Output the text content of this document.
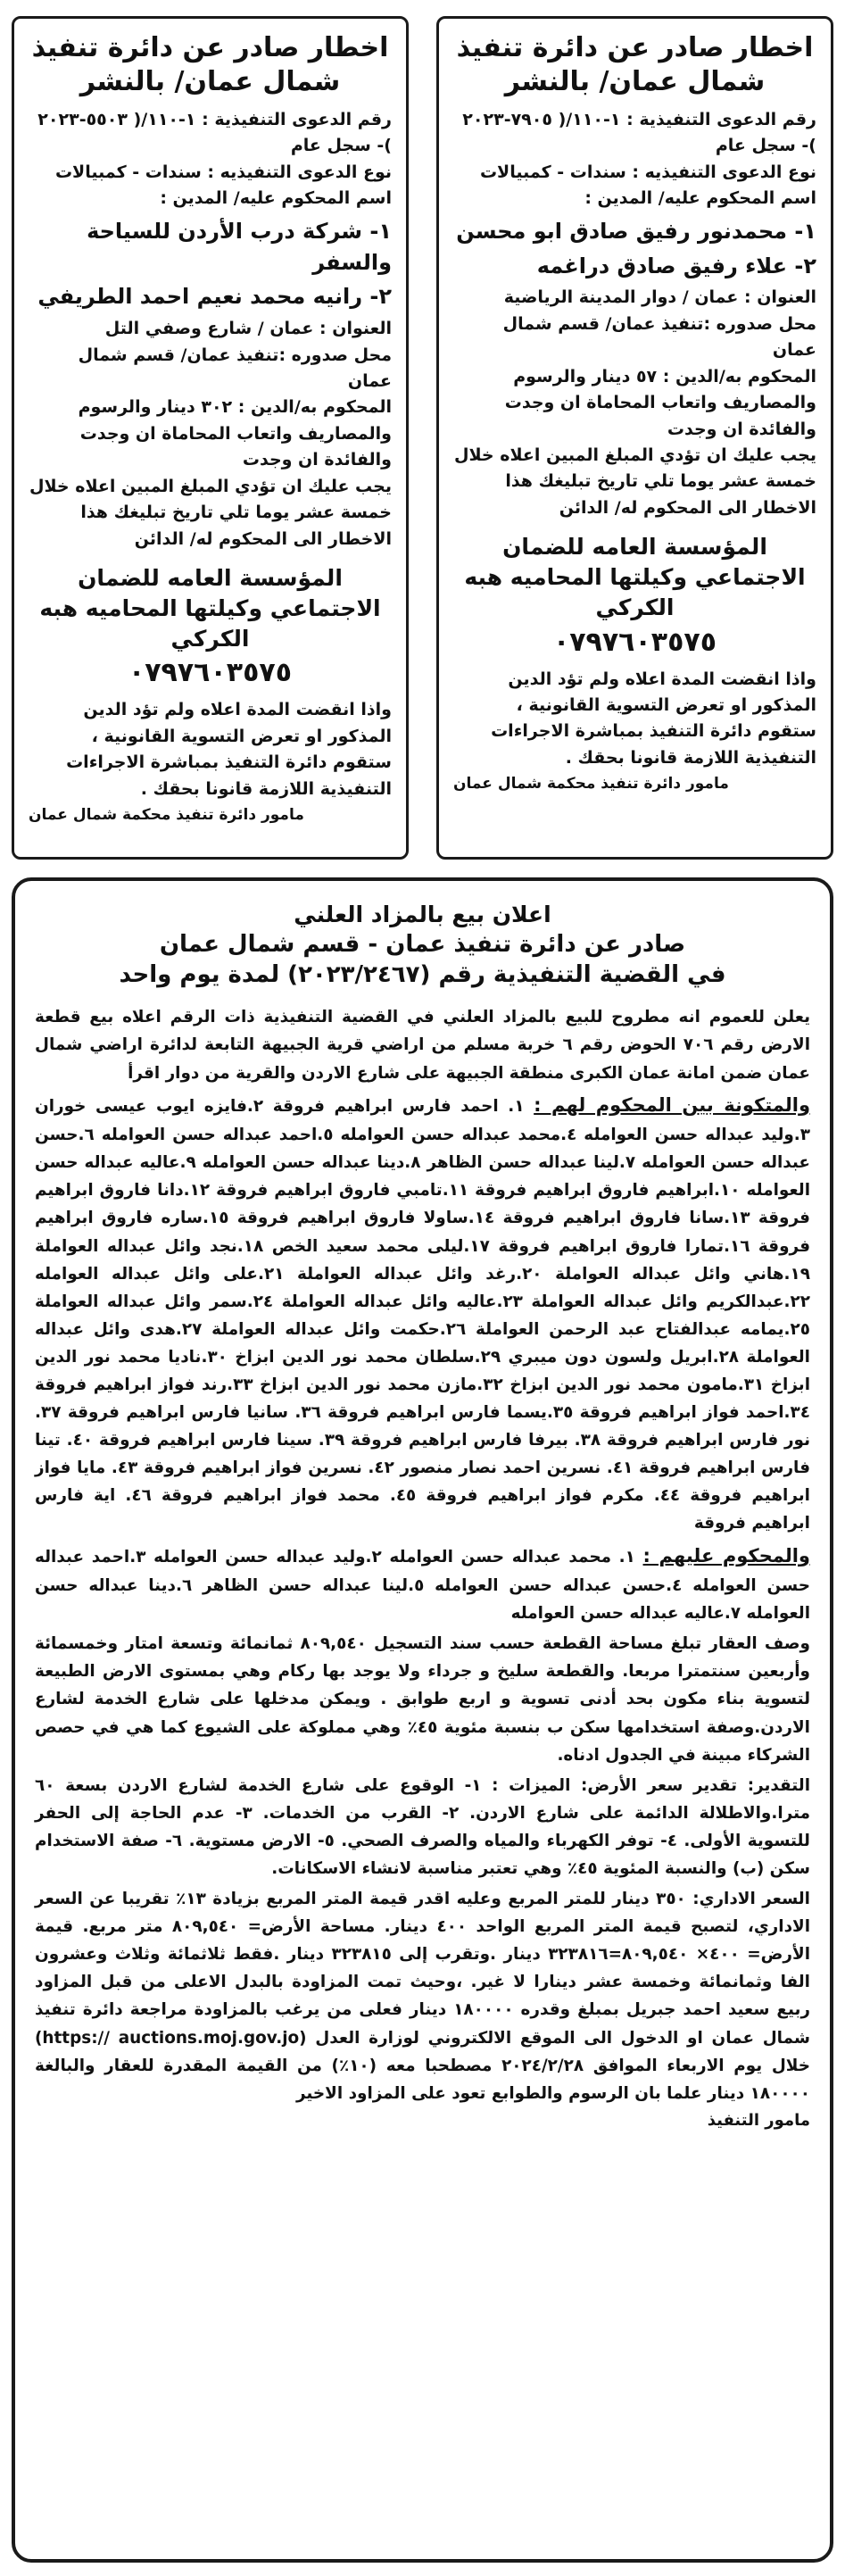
اخطار صادر عن دائرة تنفيذ شمال عمان/ بالنشر

رقم الدعوى التنفيذية : ١-١١٠/( ٧٩٠٥-٢٠٢٣ )- سجل عام

نوع الدعوى التنفيذيه : سندات - كمبيالات

اسم المحكوم عليه/ المدين :

١- محمدنور رفيق صادق ابو محسن

٢- علاء رفيق صادق دراغمه

العنوان : عمان / دوار المدينة الرياضية

محل صدوره :تنفيذ عمان/ قسم شمال عمان

المحكوم به/الدين : ٥٧ دينار والرسوم والمصاريف واتعاب المحاماة ان وجدت والفائدة ان وجدت

يجب عليك ان تؤدي المبلغ المبين اعلاه خلال خمسة عشر يوما تلي تاريخ تبليغك هذا الاخطار الى المحكوم له/ الدائن

المؤسسة العامه للضمان الاجتماعي وكيلتها المحاميه هبه الكركي

٠٧٩٧٦٠٣٥٧٥

واذا انقضت المدة اعلاه ولم تؤد الدين المذكور او تعرض التسوية القانونية ، ستقوم دائرة التنفيذ بمباشرة الاجراءات التنفيذية اللازمة قانونا بحقك .

مامور دائرة تنفيذ محكمة شمال عمان

اخطار صادر عن دائرة تنفيذ شمال عمان/ بالنشر

رقم الدعوى التنفيذية : ١-١١٠/( ٥٥٠٣-٢٠٢٣ )- سجل عام

نوع الدعوى التنفيذيه : سندات - كمبيالات

اسم المحكوم عليه/ المدين :

١- شركة درب الأردن للسياحة والسفر

٢- رانيه محمد نعيم احمد الطريفي

العنوان : عمان / شارع وصفي التل

محل صدوره :تنفيذ عمان/ قسم شمال عمان

المحكوم به/الدين : ٣٠٢ دينار والرسوم والمصاريف واتعاب المحاماة ان وجدت والفائدة ان وجدت

يجب عليك ان تؤدي المبلغ المبين اعلاه خلال خمسة عشر يوما تلي تاريخ تبليغك هذا الاخطار الى المحكوم له/ الدائن

المؤسسة العامه للضمان الاجتماعي وكيلتها المحاميه هبه الكركي

٠٧٩٧٦٠٣٥٧٥

واذا انقضت المدة اعلاه ولم تؤد الدين المذكور او تعرض التسوية القانونية ، ستقوم دائرة التنفيذ بمباشرة الاجراءات التنفيذية اللازمة قانونا بحقك .

مامور دائرة تنفيذ محكمة شمال عمان

اعلان بيع بالمزاد العلني
صادر عن دائرة تنفيذ عمان - قسم شمال عمان
في القضية التنفيذية رقم (٢٠٢٣/٢٤٦٧) لمدة يوم واحد

يعلن للعموم انه مطروح للبيع بالمزاد العلني في القضية التنفيذية ذات الرقم اعلاه بيع قطعة الارض رقم ٧٠٦ الحوض رقم ٦ خربة مسلم من اراضي قرية الجبيهة التابعة لدائرة اراضي شمال عمان ضمن امانة عمان الكبرى منطقة الجبيهة على شارع الاردن والقرية من دوار اقرأ

والمتكونة بين المحكوم لهم : ١. احمد فارس ابراهيم فروقة ٢.فايزه ايوب عيسى خوران ٣.وليد عبداله حسن العوامله ٤.محمد عبداله حسن العوامله ٥.احمد عبداله حسن العوامله ٦.حسن عبداله حسن العوامله ٧.لينا عبداله حسن الظاهر ٨.دينا عبداله حسن العوامله ٩.عاليه عبداله حسن العوامله ١٠.ابراهيم فاروق ابراهيم فروقة ١١.تامبي فاروق ابراهيم فروقة ١٢.دانا فاروق ابراهيم فروقة ١٣.سانا فاروق ابراهيم فروقة ١٤.ساولا فاروق ابراهيم فروقة ١٥.ساره فاروق ابراهيم فروقة ١٦.تمارا فاروق ابراهيم فروقة ١٧.ليلى محمد سعيد الخص ١٨.نجد وائل عبداله العواملة ١٩.هاني وائل عبداله العواملة ٢٠.رغد وائل عبداله العواملة ٢١.على وائل عبداله العوامله ٢٢.عبدالكريم وائل عبداله العواملة ٢٣.عاليه وائل عبداله العواملة ٢٤.سمر وائل عبداله العواملة ٢٥.يمامه عبدالفتاح عبد الرحمن العواملة ٢٦.حكمت وائل عبداله العواملة ٢٧.هدى وائل عبداله العواملة ٢٨.ابريل ولسون دون ميبري ٢٩.سلطان محمد نور الدين ابزاخ ٣٠.ناديا محمد نور الدين ابزاخ ٣١.مامون محمد نور الدين ابزاخ ٣٢.مازن محمد نور الدين ابزاخ ٣٣.رند فواز ابراهيم فروقة ٣٤.احمد فواز ابراهيم فروقة ٣٥.يسما فارس ابراهيم فروقة ٣٦. سانيا فارس ابراهيم فروقة ٣٧. نور فارس ابراهيم فروقة ٣٨. بيرفا فارس ابراهيم فروقة ٣٩. سينا فارس ابراهيم فروقة ٤٠. تينا فارس ابراهيم فروقة ٤١. نسرين احمد نصار منصور ٤٢. نسرين فواز ابراهيم فروقة ٤٣. مايا فواز ابراهيم فروقة ٤٤. مكرم فواز ابراهيم فروقة ٤٥. محمد فواز ابراهيم فروقة ٤٦. اية فارس ابراهيم فروقة

والمحكوم عليهم : ١. محمد عبداله حسن العوامله ٢.وليد عبداله حسن العوامله ٣.احمد عبداله حسن العوامله ٤.حسن عبداله حسن العوامله ٥.لينا عبداله حسن الظاهر ٦.دينا عبداله حسن العوامله ٧.عاليه عبداله حسن العوامله

وصف العقار تبلغ مساحة القطعة حسب سند التسجيل ٨٠٩,٥٤٠ ثمانمائة وتسعة امتار وخمسمائة وأربعين سنتمترا مربعا. والقطعة سليخ و جرداء ولا يوجد بها ركام وهي بمستوى الارض الطبيعة لتسوية بناء مكون بحد أدنى تسوية و اربع طوابق . ويمكن مدخلها على شارع الخدمة لشارع الاردن.وصفة استخدامها سكن ب بنسبة مئوية ٤٥٪ وهي مملوكة على الشيوع كما هي في حصص الشركاء مبينة في الجدول ادناه.

التقدير: تقدير سعر الأرض: الميزات : ١- الوقوع على شارع الخدمة لشارع الاردن بسعة ٦٠ مترا.والاطلالة الدائمة على شارع الاردن. ٢- القرب من الخدمات. ٣- عدم الحاجة إلى الحفر للتسوية الأولى. ٤- توفر الكهرباء والمياه والصرف الصحي. ٥- الارض مستوية. ٦- صفة الاستخدام سكن (ب) والنسبة المئوية ٤٥٪ وهي تعتبر مناسبة لانشاء الاسكانات.

السعر الاداري: ٣٥٠ دينار للمتر المربع وعليه اقدر قيمة المتر المربع بزيادة ١٣٪ تقريبا عن السعر الاداري، لتصبح قيمة المتر المربع الواحد ٤٠٠ دينار. مساحة الأرض= ٨٠٩,٥٤٠ متر مربع. قيمة الأرض= ٤٠٠× ٨٠٩,٥٤٠=٣٢٣٨١٦ دينار .وتقرب إلى ٣٢٣٨١٥ دينار .فقط ثلاثمائة وثلاث وعشرون الفا وثمانمائة وخمسة عشر دينارا لا غير. ،وحيث تمت المزاودة بالبدل الاعلى من قبل المزاود ربيع سعيد احمد جبريل بمبلغ وقدره ١٨٠٠٠٠ دينار فعلى من يرغب بالمزاودة مراجعة دائرة تنفيذ شمال عمان او الدخول الى الموقع الالكتروني لوزارة العدل (https:// auctions.moj.gov.jo) خلال يوم الاربعاء الموافق ٢٠٢٤/٢/٢٨ مصطحبا معه (١٠٪) من القيمة المقدرة للعقار والبالغة ١٨٠٠٠٠ دينار علما بان الرسوم والطوابع تعود على المزاود الاخير

مامور التنفيذ
